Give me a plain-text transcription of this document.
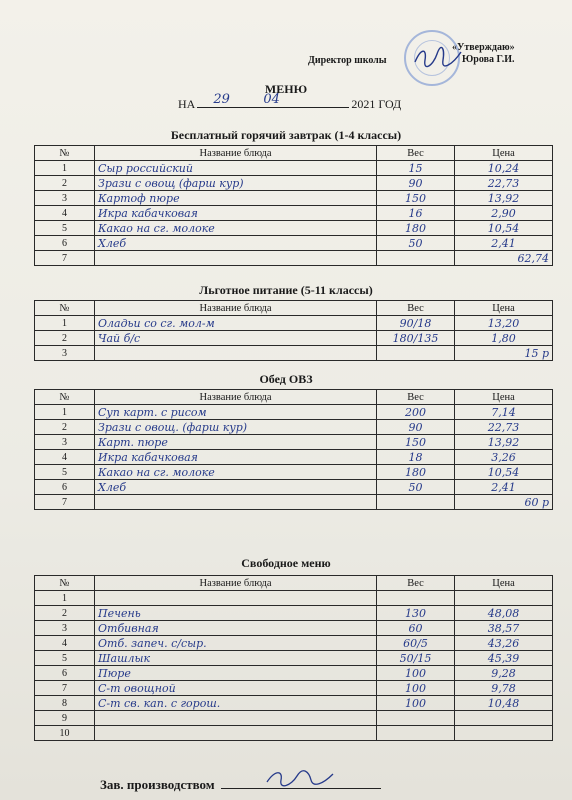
Директор школы
«Утверждаю»
Юрова Г.И.
МЕНЮ
НА 29	04	2021 ГОД
Бесплатный горячий завтрак (1-4 классы)
№	Название блюда	Вес	Цена
1	Сыр российский	15	10,24
2	Зрази с овощ (фарш кур)	90	22,73
3	Картоф пюре	150	13,92
4	Икра кабачковая	16	2,90
5	Какао на сг. молоке	180	10,54
6	Хлеб	50	2,41
7			62,74
Льготное питание (5-11 классы)
№	Название блюда	Вес	Цена
1	Оладьи со сг. мол-м	90/18	13,20
2	Чай б/с	180/135	1,80
3			15 р
Обед ОВЗ
№	Название блюда	Вес	Цена
1	Суп карт. с рисом	200	7,14
2	Зрази с овощ. (фарш кур)	90	22,73
3	Карт. пюре	150	13,92
4	Икра кабачковая	18	3,26
5	Какао на сг. молоке	180	10,54
6	Хлеб	50	2,41
7			60 р
Свободное меню
№	Название блюда	Вес	Цена
1			
2	Печень	130	48,08
3	Отбивная	60	38,57
4	Отб. запеч. с/сыр.	60/5	43,26
5	Шашлык	50/15	45,39
6	Пюре	100	9,28
7	С-т овощной	100	9,78
8	С-т св. кап. с горош.	100	10,48
9			
10			
Зав. производством
